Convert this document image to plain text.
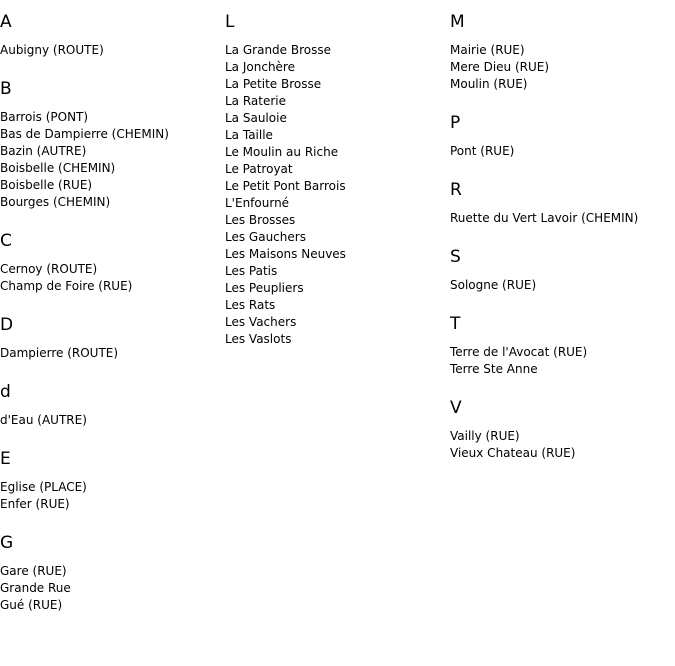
A
Aubigny (ROUTE)
B
Barrois (PONT)
Bas de Dampierre (CHEMIN)
Bazin (AUTRE)
Boisbelle (CHEMIN)
Boisbelle (RUE)
Bourges (CHEMIN)
C
Cernoy (ROUTE)
Champ de Foire (RUE)
D
Dampierre (ROUTE)
d
d'Eau (AUTRE)
E
Eglise (PLACE)
Enfer (RUE)
G
Gare (RUE)
Grande Rue
Gué (RUE)
L
La Grande Brosse
La Jonchère
La Petite Brosse
La Raterie
La Sauloie
La Taille
Le Moulin au Riche
Le Patroyat
Le Petit Pont Barrois
L'Enfourné
Les Brosses
Les Gauchers
Les Maisons Neuves
Les Patis
Les Peupliers
Les Rats
Les Vachers
Les Vaslots
M
Mairie (RUE)
Mere Dieu (RUE)
Moulin (RUE)
P
Pont (RUE)
R
Ruette du Vert Lavoir (CHEMIN)
S
Sologne (RUE)
T
Terre de l'Avocat (RUE)
Terre Ste Anne
V
Vailly (RUE)
Vieux Chateau (RUE)
